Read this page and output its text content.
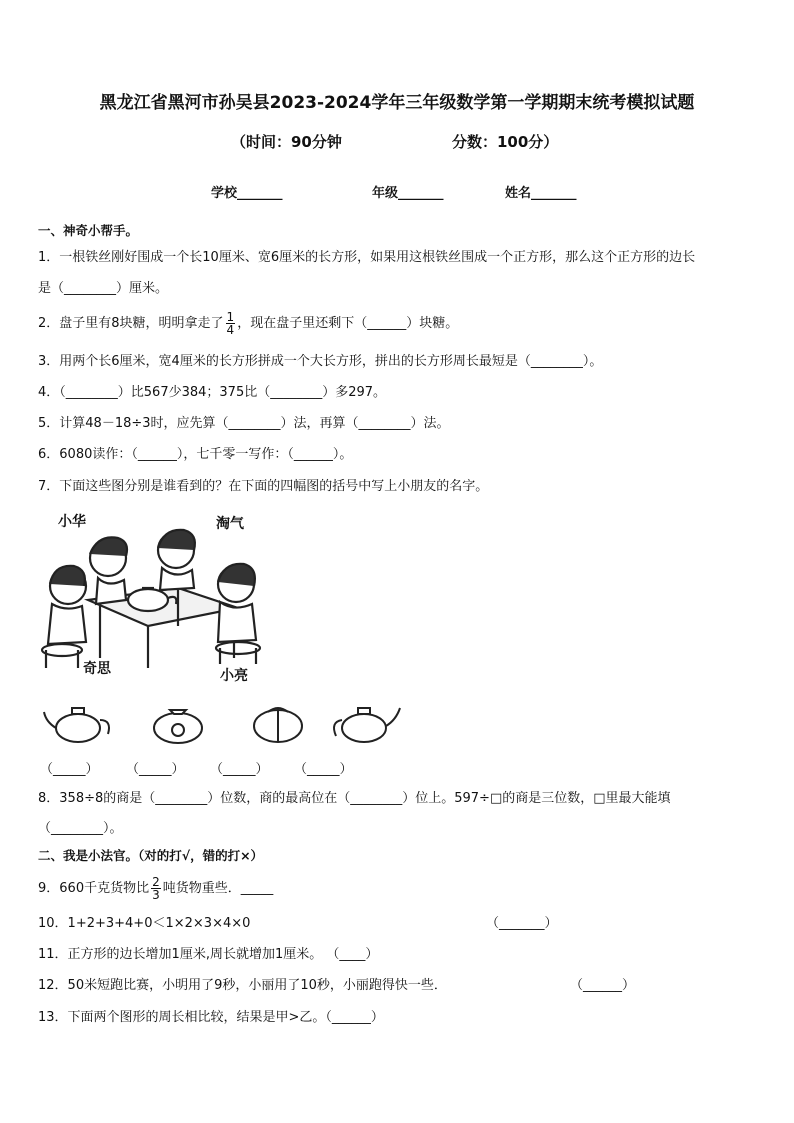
黑龙江省黑河市孙吴县2023-2024学年三年级数学第一学期期末统考模拟试题
（时间：90分钟	分数：100分）
学校_______	年级_______	姓名_______
一、神奇小帮手。
1．一根铁丝刚好围成一个长10厘米、宽6厘米的长方形，如果用这根铁丝围成一个正方形，那么这个正方形的边长
是（________）厘米。
2．盘子里有8块糖，明明拿走了 $\frac{1}{4}$ ，现在盘子里还剩下（______）块糖。
3．用两个长6厘米，宽4厘米的长方形拼成一个大长方形，拼出的长方形周长最短是（________）。
4．（________）比567少384；375比（________）多297。
5．计算48－18÷3时，应先算（________）法，再算（________）法。
6．6080读作：（______），七千零一写作：（______）。
7．下面这些图分别是谁看到的？在下面的四幅图的括号中写上小朋友的名字。
小华	淘气
奇思	小亮
（_____） （_____） （_____） （_____）
8．358÷8的商是（________）位数，商的最高位在（________）位上。597÷□的商是三位数，□里最大能填
（________）。
二、我是小法官。（对的打√，错的打×）
9．660千克货物比 $\frac{2}{3}$ 吨货物重些．_____
10．1+2+3+4+0＜1×2×3×4×0	（_______）
11．正方形的边长增加1厘米,周长就增加1厘米。 （____）
12．50米短跑比赛，小明用了9秒，小丽用了10秒，小丽跑得快一些．	（______）
13．下面两个图形的周长相比较，结果是甲>乙。（______）
